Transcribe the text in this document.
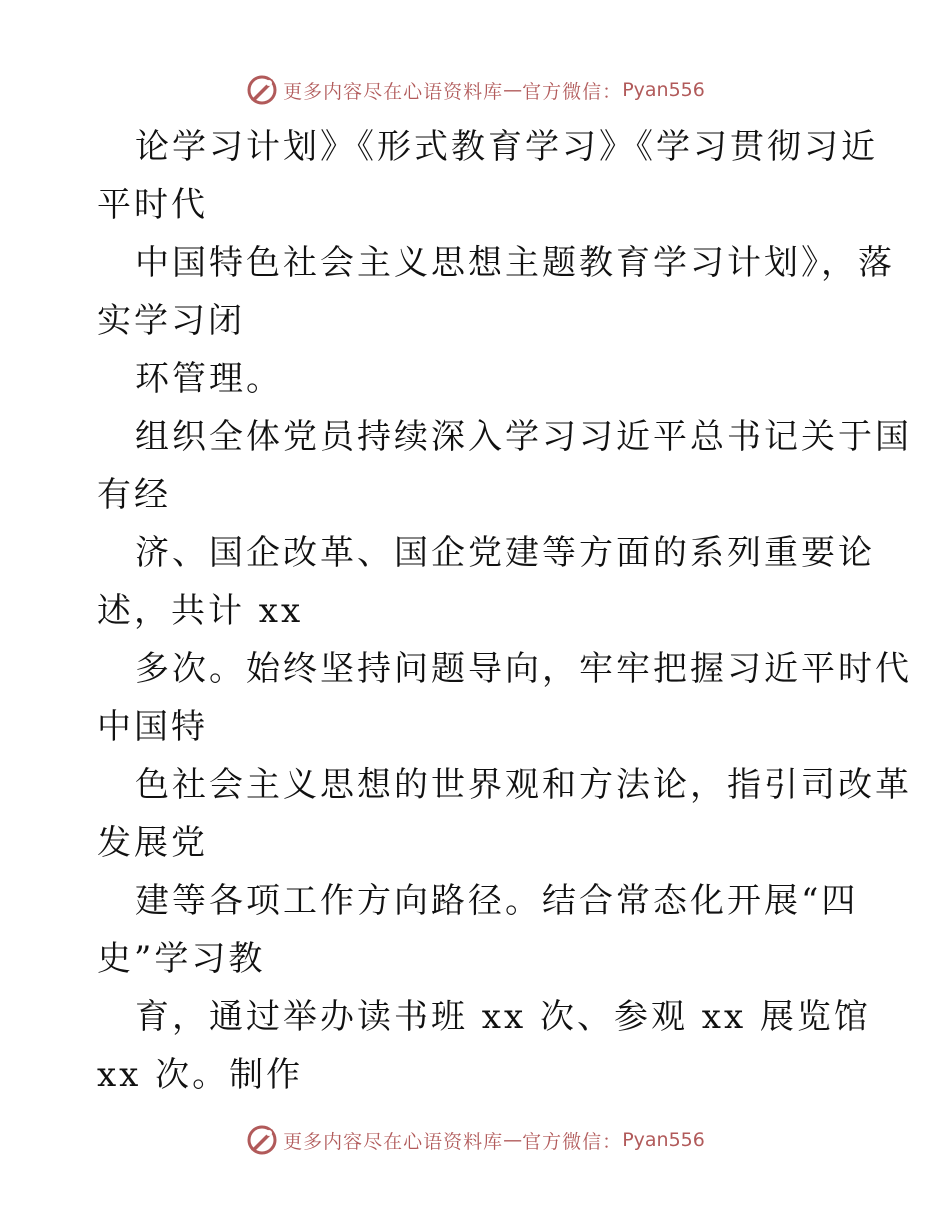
更多内容尽在心语资料库 — 官方微信： Pyan556
论学习计划》《形式教育学习》《学习贯彻习近
平时代
中国特色社会主义思想主题教育学习计划》，落
实学习闭
环管理。
组织全体党员持续深入学习习近平总书记关于国
有经
济、国企改革、国企党建等方面的系列重要论
述，共计 xx
多次。始终坚持问题导向，牢牢把握习近平时代
中国特
色社会主义思想的世界观和方法论，指引司改革
发展党
建等各项工作方向路径。结合常态化开展“四
史”学习教
育，通过举办读书班 xx 次、参观 xx 展览馆
xx 次。制作
更多内容尽在心语资料库 — 官方微信： Pyan556
